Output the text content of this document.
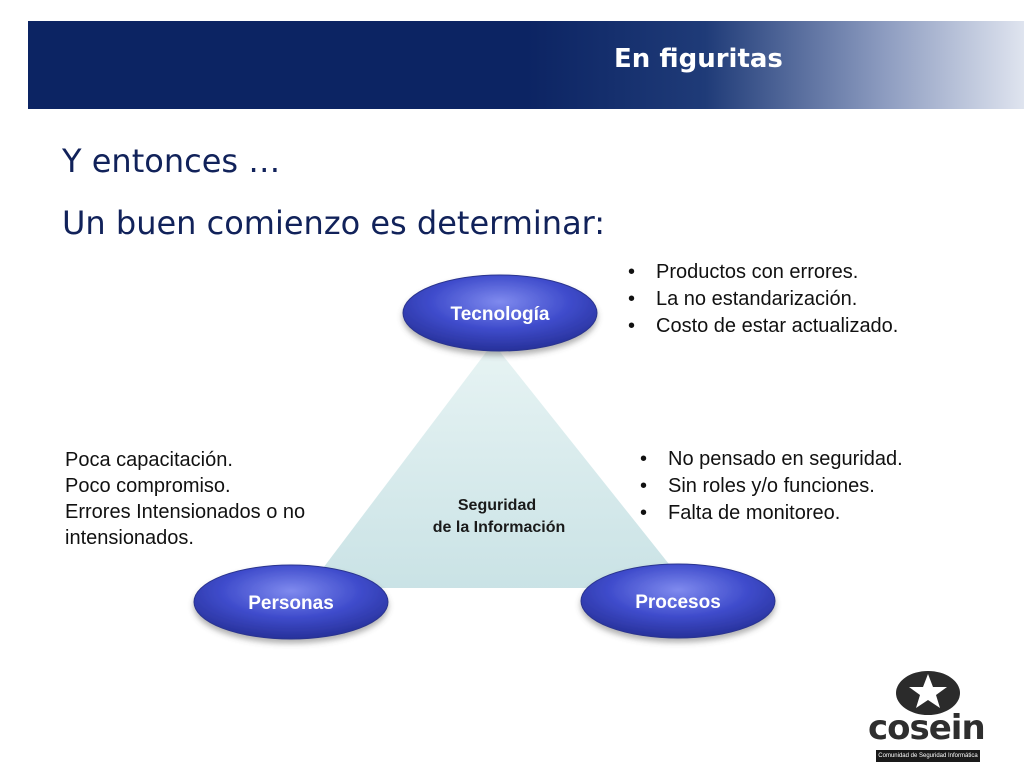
En figuritas
Y entonces …
Un buen comienzo es determinar:
Seguridad
de la Información
Tecnología
Personas	Procesos
• Productos con errores.
• La no estandarización.
• Costo de estar actualizado.
• No pensado en seguridad.
• Sin roles y/o funciones.
• Falta de monitoreo.
Poca capacitación.
Poco compromiso.
Errores Intensionados o no
intensionados.
cosein
Comunidad de Seguridad Informática
